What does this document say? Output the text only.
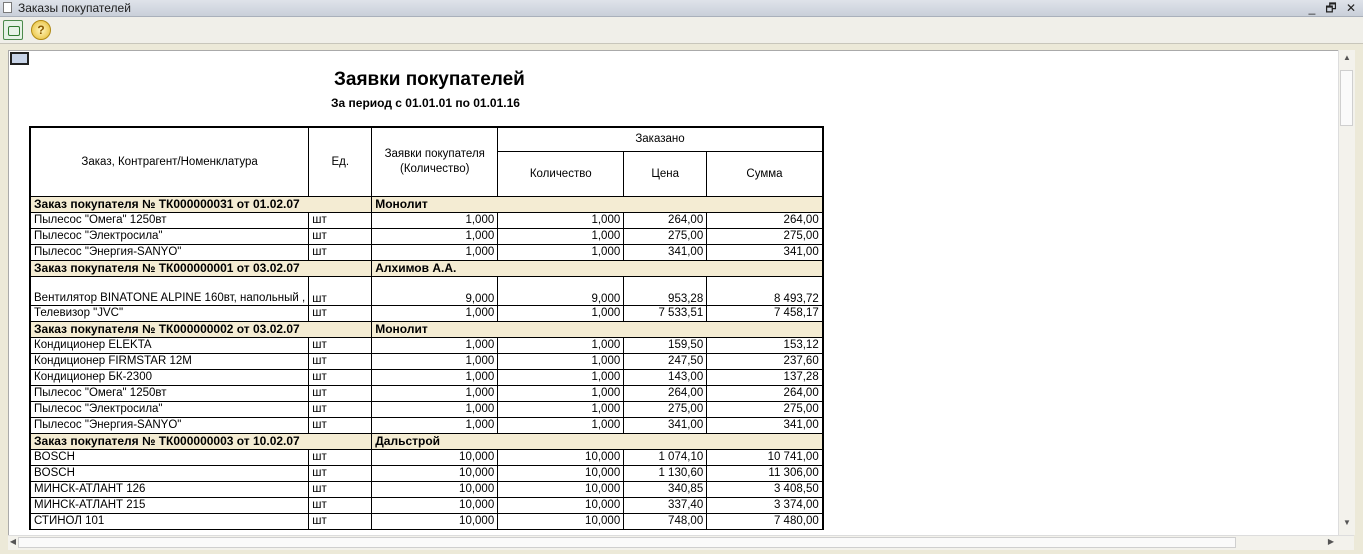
Заказы покупателей	_ 🗗 ✕
?
Заявки покупателей
За период с 01.01.01 по 01.01.16
Заказ, Контрагент/Номенклатура	Ед.	Заявки покупателя (Количество)	Заказано		
			Количество	Цена	Сумма
Заказ покупателя № ТК000000031 от 01.02.07		Монолит			
Пылесос "Омега" 1250вт	шт	1,000	1,000	264,00	264,00
Пылесос "Электросила"	шт	1,000	1,000	275,00	275,00
Пылесос "Энергия-SANYO"	шт	1,000	1,000	341,00	341,00
Заказ покупателя № ТК000000001 от 03.02.07		Алхимов А.А.			
Вентилятор BINATONE ALPINE 160вт, напольный ,	шт	9,000	9,000	953,28	8 493,72
Телевизор "JVC"	шт	1,000	1,000	7 533,51	7 458,17
Заказ покупателя № ТК000000002 от 03.02.07		Монолит			
Кондиционер ELEKTA	шт	1,000	1,000	159,50	153,12
Кондиционер FIRMSTAR 12M	шт	1,000	1,000	247,50	237,60
Кондиционер БК-2300	шт	1,000	1,000	143,00	137,28
Пылесос "Омега" 1250вт	шт	1,000	1,000	264,00	264,00
Пылесос "Электросила"	шт	1,000	1,000	275,00	275,00
Пылесос "Энергия-SANYO"	шт	1,000	1,000	341,00	341,00
Заказ покупателя № ТК000000003 от 10.02.07		Дальстрой			
BOSCH	шт	10,000	10,000	1 074,10	10 741,00
BOSCH	шт	10,000	10,000	1 130,60	11 306,00
МИНСК-АТЛАНТ 126	шт	10,000	10,000	340,85	3 408,50
МИНСК-АТЛАНТ 215	шт	10,000	10,000	337,40	3 374,00
СТИНОЛ 101	шт	10,000	10,000	748,00	7 480,00
▲
▼
◀	▶
